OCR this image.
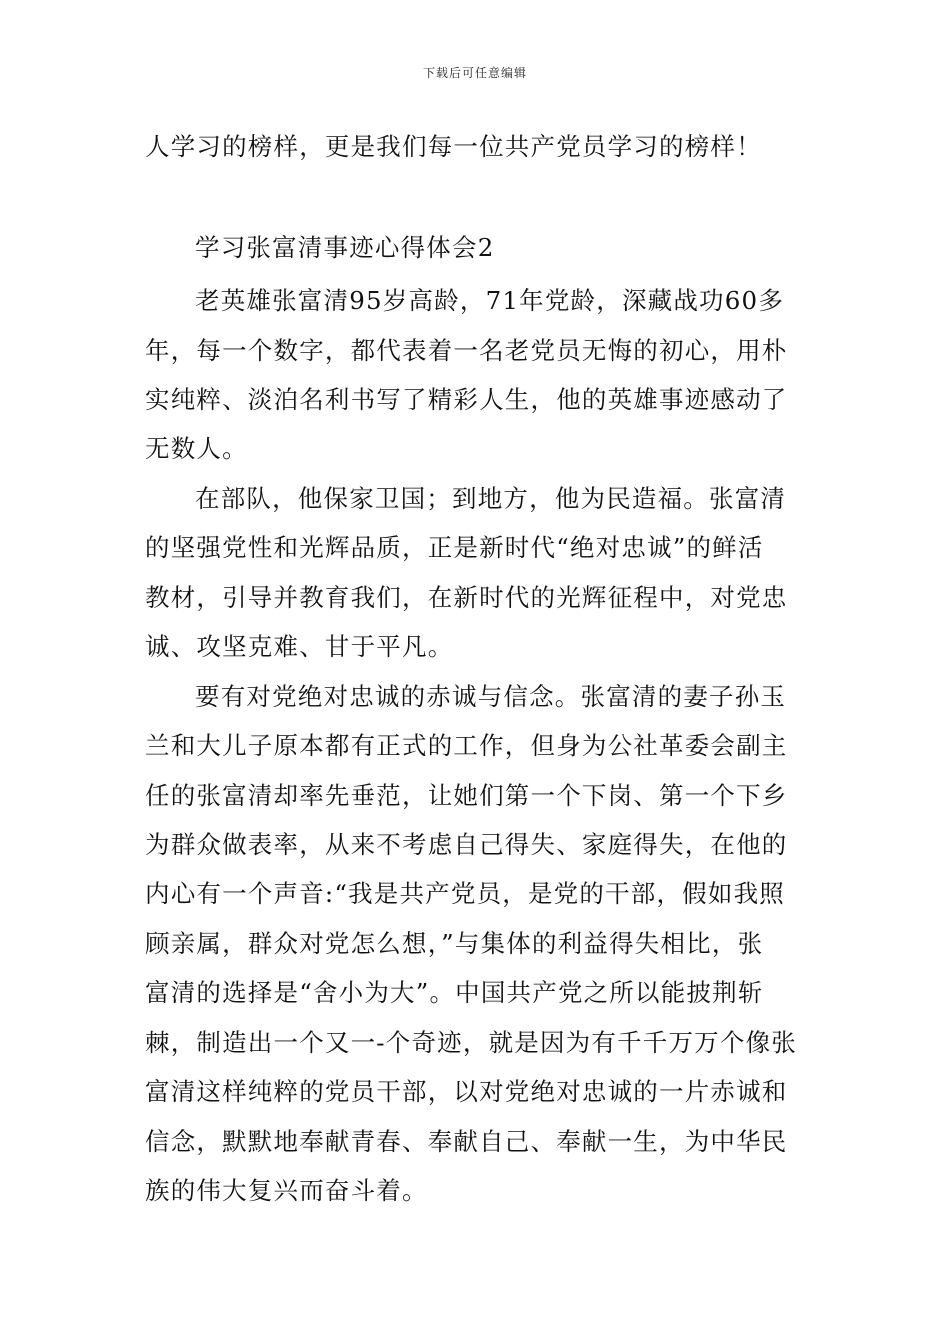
下载后可任意编辑
人学习的榜样，更是我们每一位共产党员学习的榜样！
学习张富清事迹心得体会2
老英雄张富清95岁高龄，71年党龄，深藏战功60多
年，每一个数字，都代表着一名老党员无悔的初心，用朴
实纯粹、淡泊名利书写了精彩人生，他的英雄事迹感动了
无数人。
在部队，他保家卫国；到地方，他为民造福。张富清
的坚强党性和光辉品质，正是新时代“绝对忠诚”的鲜活
教材，引导并教育我们，在新时代的光辉征程中，对党忠
诚、攻坚克难、甘于平凡。
要有对党绝对忠诚的赤诚与信念。张富清的妻子孙玉
兰和大儿子原本都有正式的工作，但身为公社革委会副主
任的张富清却率先垂范，让她们第一个下岗、第一个下乡
为群众做表率，从来不考虑自己得失、家庭得失，在他的
内心有一个声音:“我是共产党员，是党的干部，假如我照
顾亲属，群众对党怎么想，”与集体的利益得失相比，张
富清的选择是“舍小为大”。中国共产党之所以能披荆斩
棘，制造出一个又一-个奇迹，就是因为有千千万万个像张
富清这样纯粹的党员干部，以对党绝对忠诚的一片赤诚和
信念，默默地奉献青春、奉献自己、奉献一生，为中华民
族的伟大复兴而奋斗着。
